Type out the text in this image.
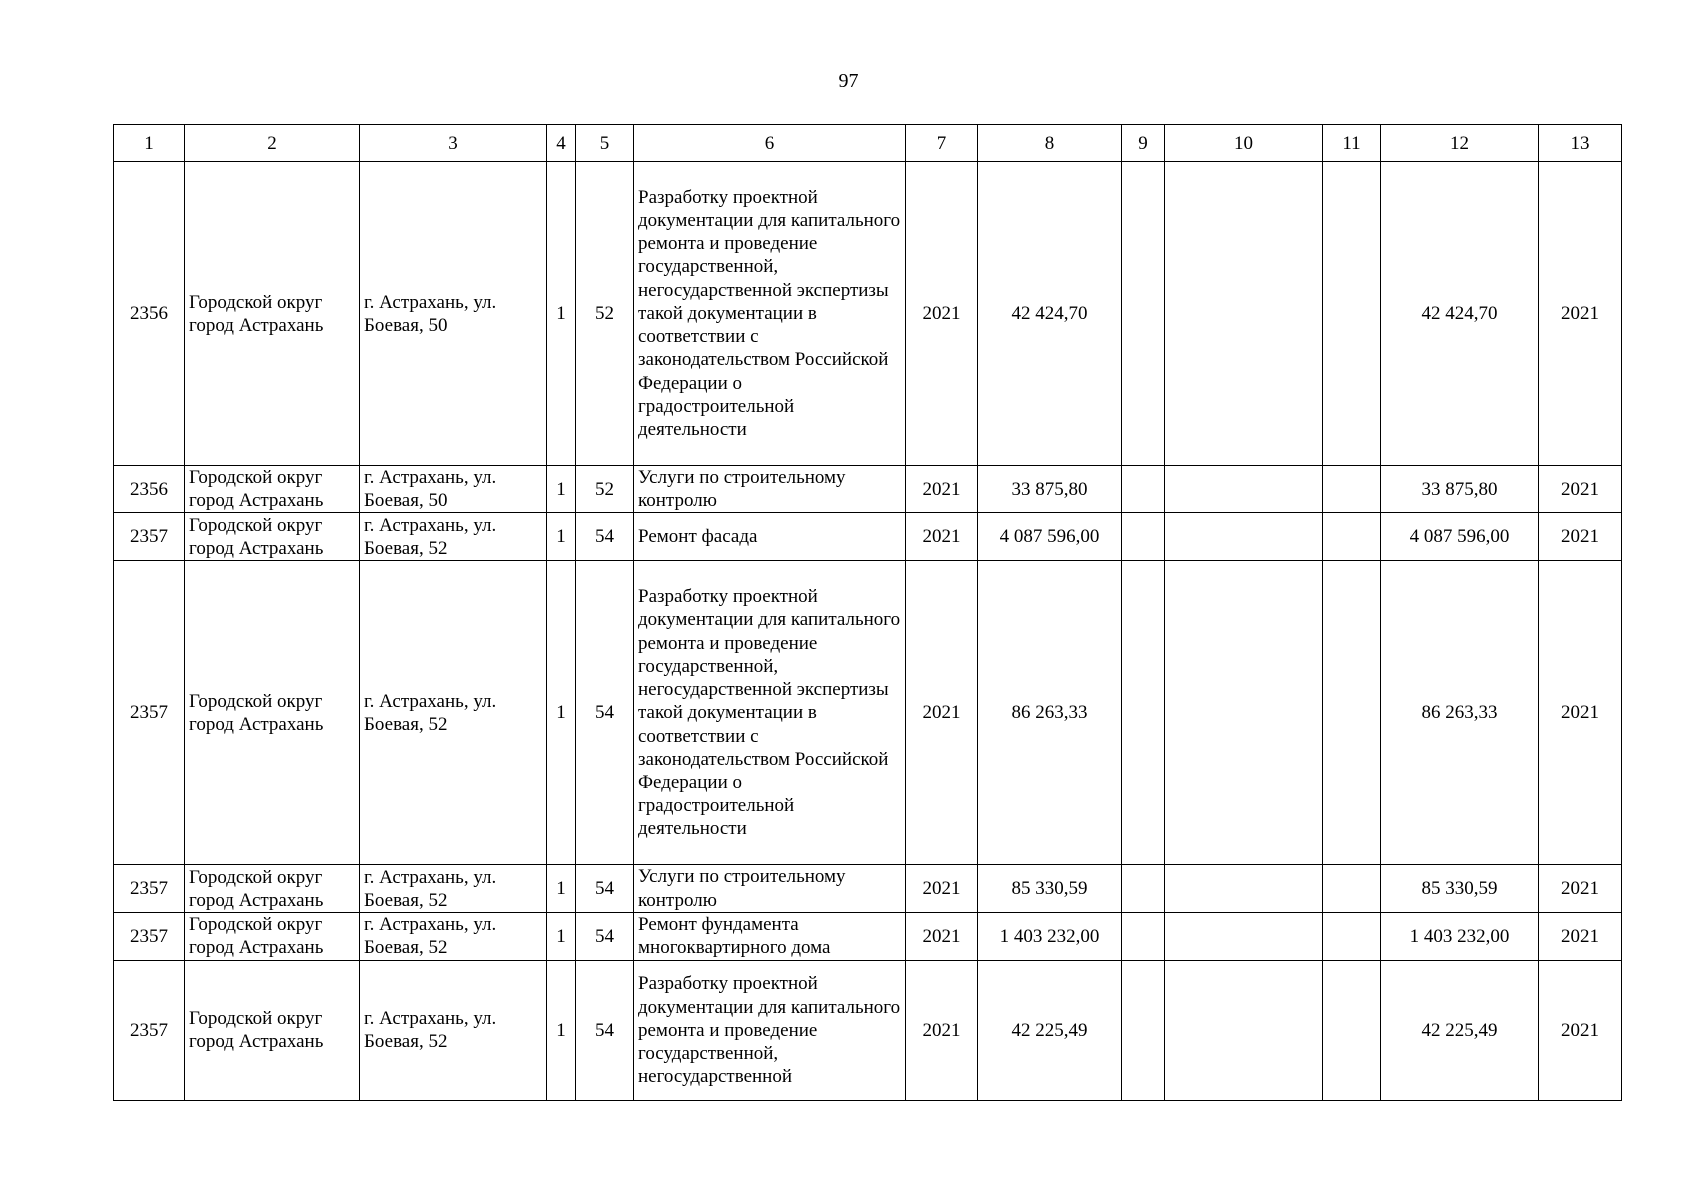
97
1	2	3	4	5	6	7	8	9	10	11	12	13
2356	Городской округ город Астрахань	г. Астрахань, ул. Боевая, 50	1	52	Разработку проектной документации для капитального ремонта и проведение государственной, негосударственной экспертизы такой документации в соответствии с законодательством Российской Федерации о градостроительной деятельности	2021	42 424,70				42 424,70	2021
2356	Городской округ город Астрахань	г. Астрахань, ул. Боевая, 50	1	52	Услуги по строительному контролю	2021	33 875,80				33 875,80	2021
2357	Городской округ город Астрахань	г. Астрахань, ул. Боевая, 52	1	54	Ремонт фасада	2021	4 087 596,00				4 087 596,00	2021
2357	Городской округ город Астрахань	г. Астрахань, ул. Боевая, 52	1	54	Разработку проектной документации для капитального ремонта и проведение государственной, негосударственной экспертизы такой документации в соответствии с законодательством Российской Федерации о градостроительной деятельности	2021	86 263,33				86 263,33	2021
2357	Городской округ город Астрахань	г. Астрахань, ул. Боевая, 52	1	54	Услуги по строительному контролю	2021	85 330,59				85 330,59	2021
2357	Городской округ город Астрахань	г. Астрахань, ул. Боевая, 52	1	54	Ремонт фундамента многоквартирного дома	2021	1 403 232,00				1 403 232,00	2021
2357	Городской округ город Астрахань	г. Астрахань, ул. Боевая, 52	1	54	Разработку проектной документации для капитального ремонта и проведение государственной, негосударственной	2021	42 225,49				42 225,49	2021
